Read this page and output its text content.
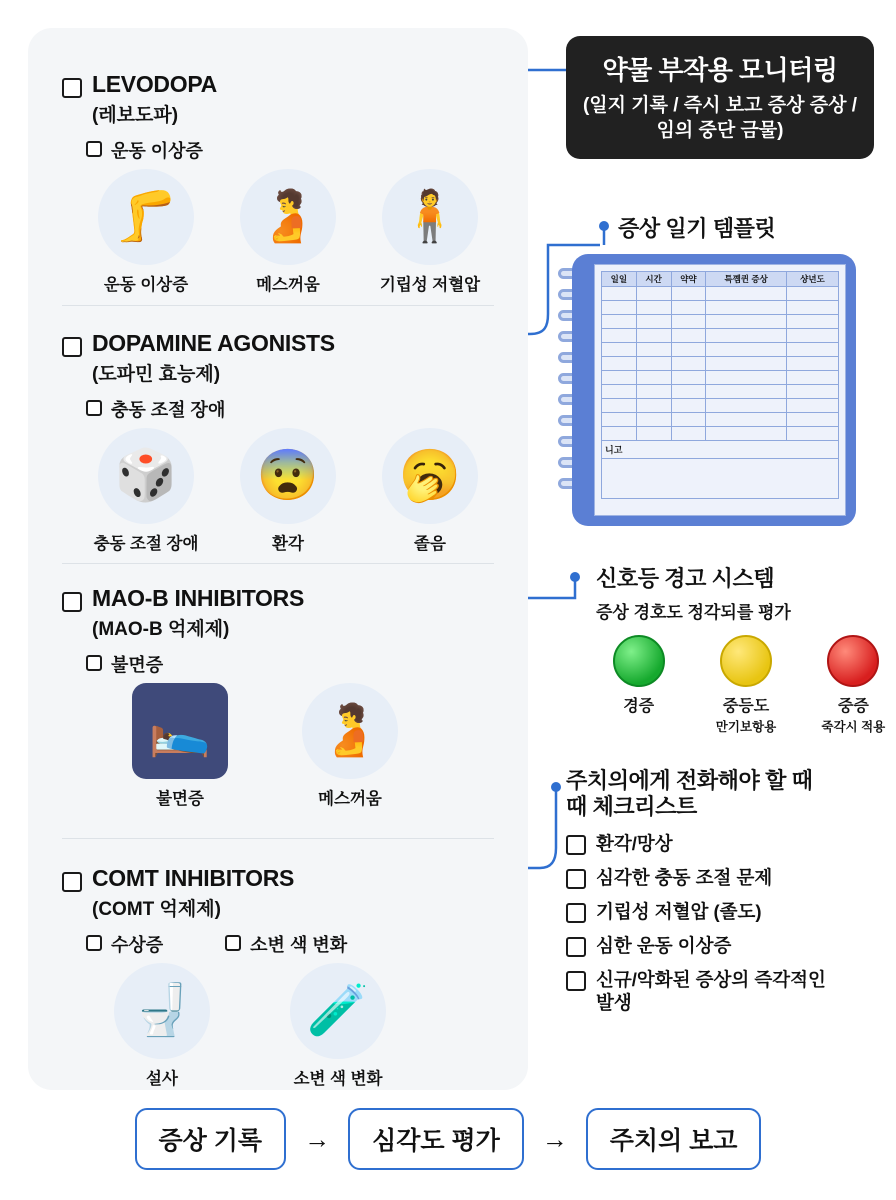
LEVODOPA
(레보도파)
운동 이상증
🦵
운동 이상증
🫄
메스꺼움
🧍
기립성 저혈압
DOPAMINE AGONISTS
(도파민 효능제)
충동 조절 장애
🎲
충동 조절 장애
😨
환각
🥱
졸음
MAO-B INHIBITORS
(MAO-B 억제제)
불면증
🛌
불면증
🫄
메스꺼움
COMT INHIBITORS
(COMT 억제제)
수상증	소변 색 변화
🚽
설사
🧪
소변 색 변화
약물 부작용 모니터링
(일지 기록 / 즉시 보고 증상 증상 / 임의 중단 금물)
증상 일기 템플릿
일일	시간	약약	특꼠퀸 증상	샹년도

니고
신호등 경고 시스템
증상 경호도 정각되를 평가
경증	중등도
만기보항용
중증
죽각시 적용
주치의에게 전화해야 할 때
때 체크리스트
환각/망상
심각한 충동 조절 문제
기립성 저혈압 (졸도)
심한 운동 이상증
신규/악화된 증상의 즉각적인 발생
증상 기록	→	심각도 평가	→	주치의 보고
